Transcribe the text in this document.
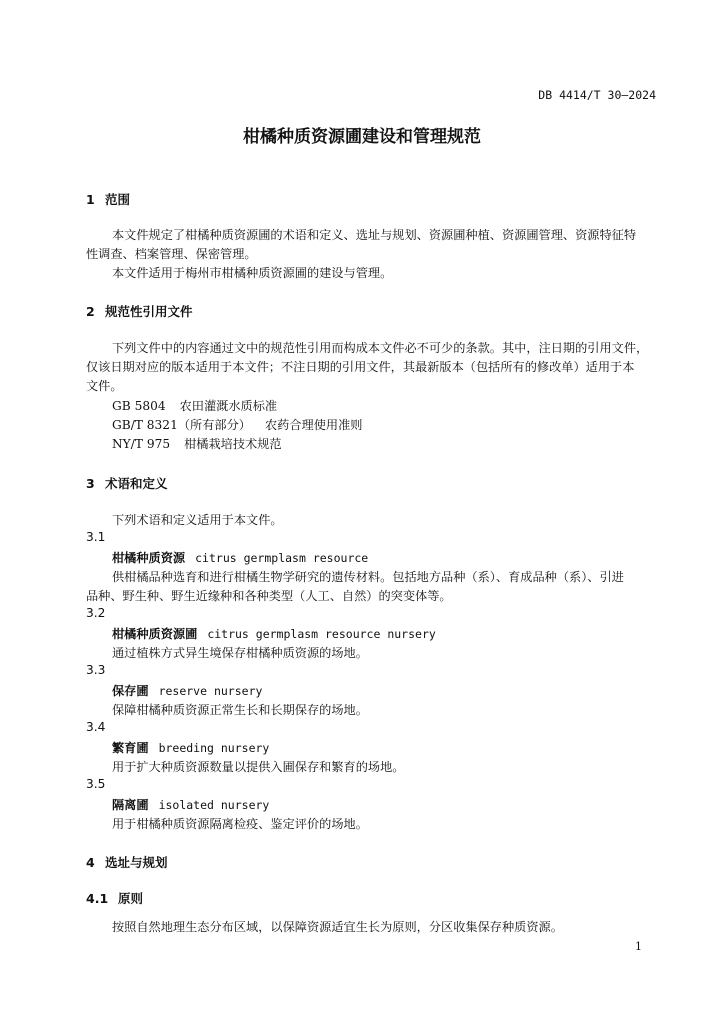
DB 4414/T 30—2024
柑橘种质资源圃建设和管理规范
1 范围
本文件规定了柑橘种质资源圃的术语和定义、选址与规划、资源圃种植、资源圃管理、资源特征特
性调查、档案管理、保密管理。
本文件适用于梅州市柑橘种质资源圃的建设与管理。
2 规范性引用文件
下列文件中的内容通过文中的规范性引用而构成本文件必不可少的条款。其中，注日期的引用文件，
仅该日期对应的版本适用于本文件；不注日期的引用文件，其最新版本（包括所有的修改单）适用于本
文件。
GB 5804 农田灌溉水质标准
GB/T 8321（所有部分） 农药合理使用准则
NY/T 975 柑橘栽培技术规范
3 术语和定义
下列术语和定义适用于本文件。
3.1
柑橘种质资源 citrus germplasm resource
供柑橘品种选育和进行柑橘生物学研究的遗传材料。包括地方品种（系）、育成品种（系）、引进
品种、野生种、野生近缘种和各种类型（人工、自然）的突变体等。
3.2
柑橘种质资源圃 citrus germplasm resource nursery
通过植株方式异生境保存柑橘种质资源的场地。
3.3
保存圃 reserve nursery
保障柑橘种质资源正常生长和长期保存的场地。
3.4
繁育圃 breeding nursery
用于扩大种质资源数量以提供入圃保存和繁育的场地。
3.5
隔离圃 isolated nursery
用于柑橘种质资源隔离检疫、鉴定评价的场地。
4 选址与规划
4.1 原则
按照自然地理生态分布区域，以保障资源适宜生长为原则，分区收集保存种质资源。
1
